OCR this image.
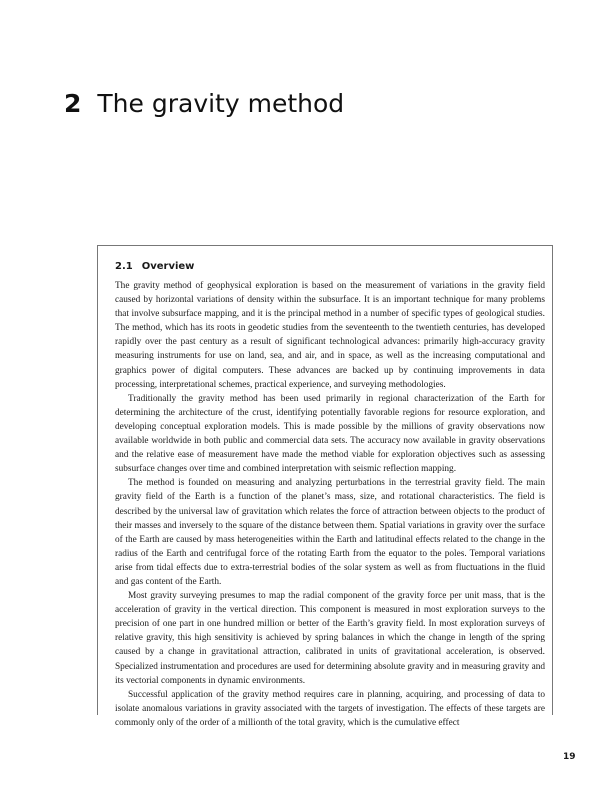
2 The gravity method
2.1 Overview

The gravity method of geophysical exploration is based on the measurement of variations in the gravity field caused by horizontal variations of density within the subsurface. It is an important technique for many problems that involve subsurface mapping, and it is the principal method in a number of specific types of geological studies. The method, which has its roots in geodetic studies from the seventeenth to the twentieth centuries, has developed rapidly over the past century as a result of significant technological advances: primarily high-accuracy gravity measuring instruments for use on land, sea, and air, and in space, as well as the increasing computational and graphics power of digital computers. These advances are backed up by continuing improvements in data processing, interpretational schemes, practical experience, and surveying methodologies.

Traditionally the gravity method has been used primarily in regional characterization of the Earth for determining the architecture of the crust, identifying potentially favorable regions for resource exploration, and developing conceptual exploration models. This is made possible by the millions of gravity observations now available worldwide in both public and commercial data sets. The accuracy now available in gravity observations and the relative ease of measurement have made the method viable for exploration objectives such as assessing subsurface changes over time and combined interpretation with seismic reflection mapping.

The method is founded on measuring and analyzing perturbations in the terrestrial gravity field. The main gravity field of the Earth is a function of the planet’s mass, size, and rotational characteristics. The field is described by the universal law of gravitation which relates the force of attraction between objects to the product of their masses and inversely to the square of the distance between them. Spatial variations in gravity over the surface of the Earth are caused by mass heterogeneities within the Earth and latitudinal effects related to the change in the radius of the Earth and centrifugal force of the rotating Earth from the equator to the poles. Temporal variations arise from tidal effects due to extra-terrestrial bodies of the solar system as well as from fluctuations in the fluid and gas content of the Earth.

Most gravity surveying presumes to map the radial component of the gravity force per unit mass, that is the acceleration of gravity in the vertical direction. This component is measured in most exploration surveys to the precision of one part in one hundred million or better of the Earth’s gravity field. In most exploration surveys of relative gravity, this high sensitivity is achieved by spring balances in which the change in length of the spring caused by a change in gravitational attraction, calibrated in units of gravitational acceleration, is observed. Specialized instrumentation and procedures are used for determining absolute gravity and in measuring gravity and its vectorial components in dynamic environments.

Successful application of the gravity method requires care in planning, acquiring, and processing of data to isolate anomalous variations in gravity associated with the targets of investigation. The effects of these targets are commonly only of the order of a millionth of the total gravity, which is the cumulative effect

19
